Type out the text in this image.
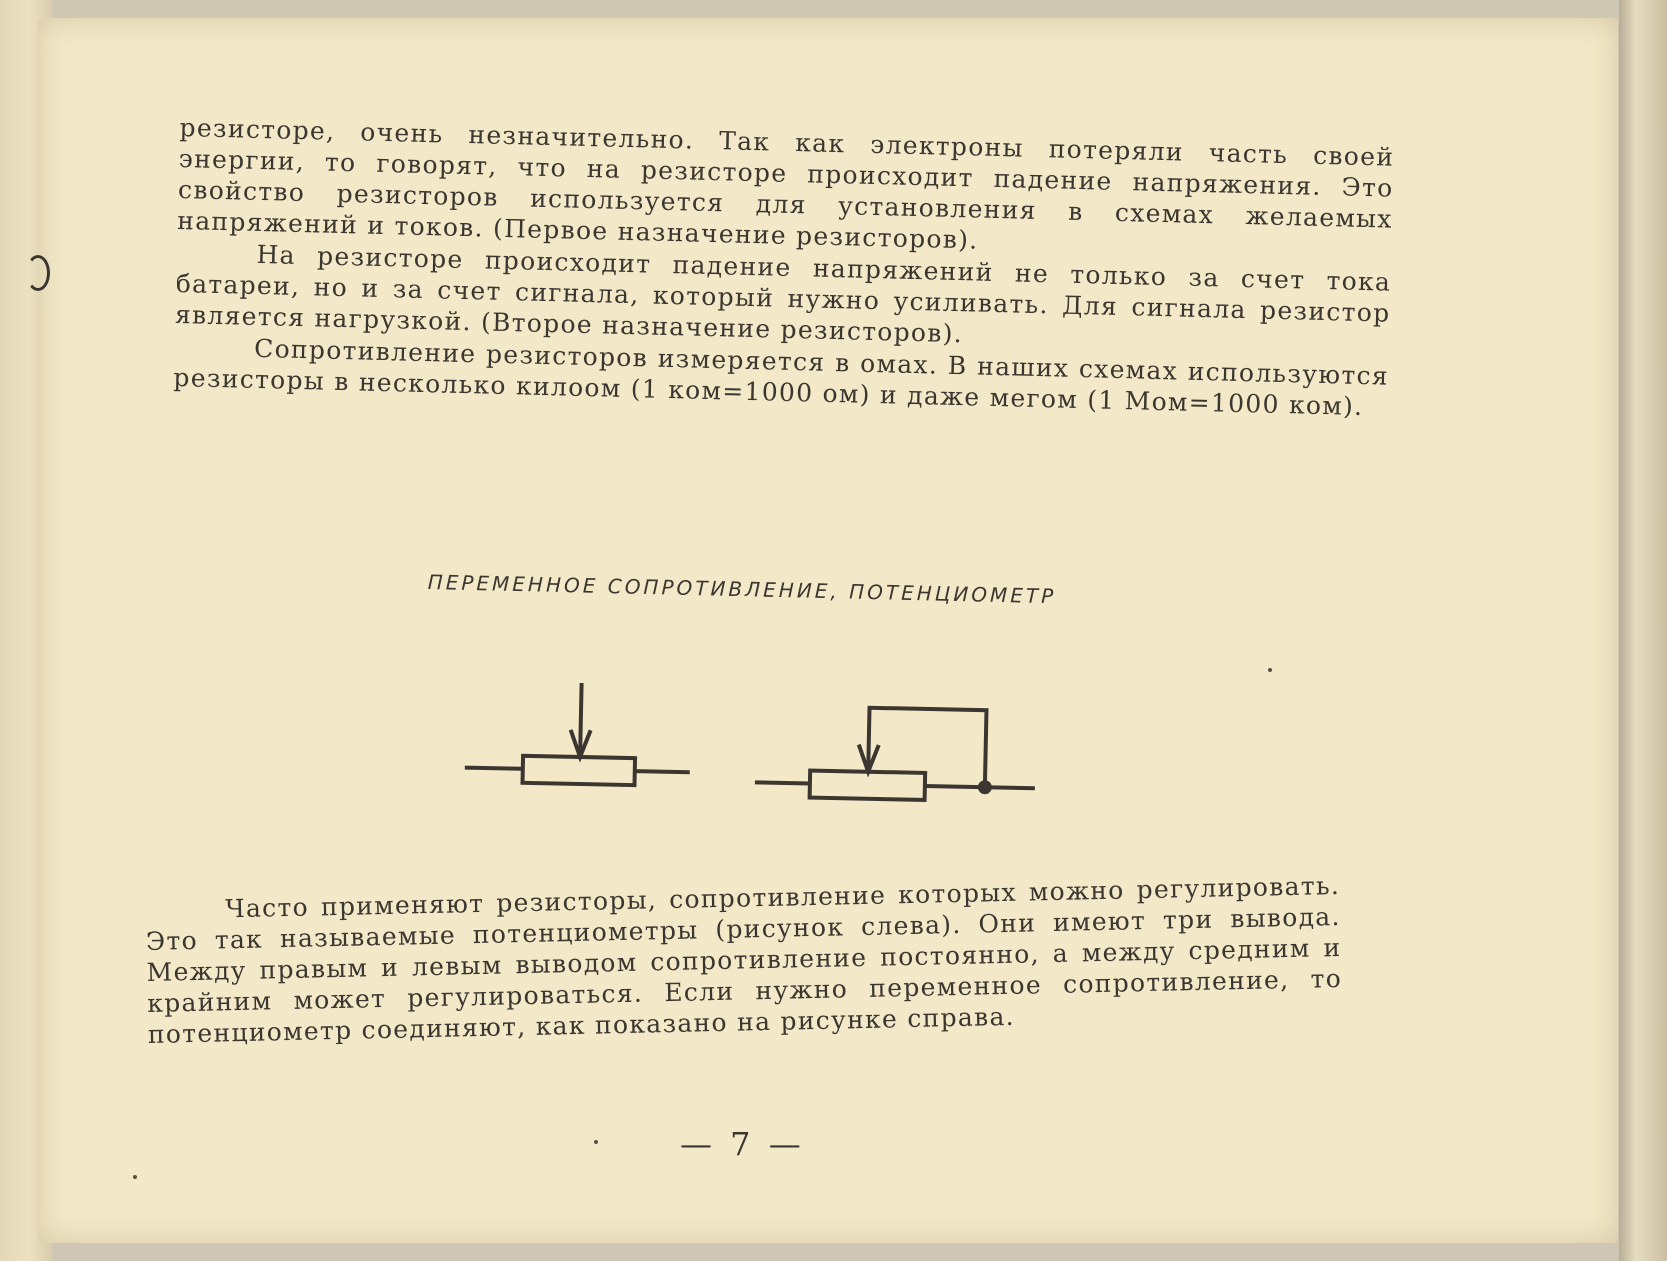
резисторе, очень незначительно. Так как электроны потеряли часть своей энергии, то говорят, что на резисторе происходит падение напряжения. Это свойство резисторов используется для установления в схемах желаемых напряжений и токов. (Первое назначение резисторов).

На резисторе происходит падение напряжений не только за счет тока батареи, но и за счет сигнала, который нужно усиливать. Для сигнала резистор является нагрузкой. (Второе назначение резисторов).

Сопротивление резисторов измеряется в омах. В наших схемах используются резисторы в несколько килоом (1 ком=1000 ом) и даже мегом (1 Мом=1000 ком).

ПЕРЕМЕННОЕ СОПРОТИВЛЕНИЕ, ПОТЕНЦИОМЕТР

Часто применяют резисторы, сопротивление которых можно регулировать. Это так называемые потенциометры (рисунок слева). Они имеют три вывода. Между правым и левым выводом сопротивление постоянно, а между средним и крайним может регулироваться. Если нужно переменное сопротивление, то потенциометр соединяют, как показано на рисунке справа.

— 7 —
